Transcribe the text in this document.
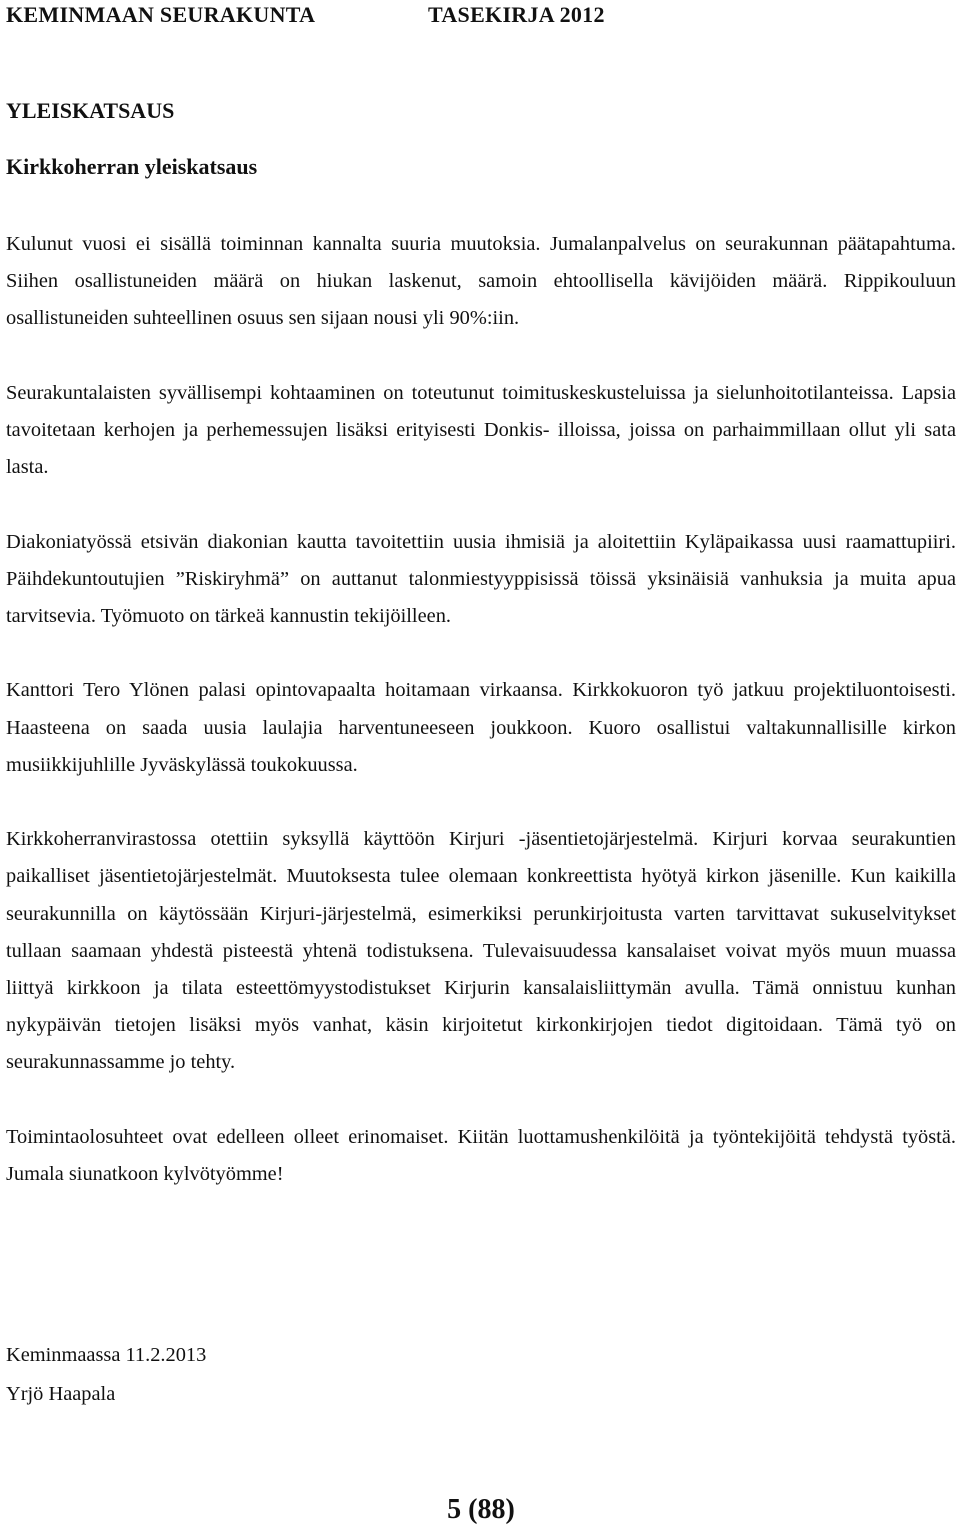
KEMINMAAN SEURAKUNTA	TASEKIRJA 2012
YLEISKATSAUS
Kirkkoherran yleiskatsaus

Kulunut vuosi ei sisällä toiminnan kannalta suuria muutoksia. Jumalanpalvelus on seurakunnan päätapahtuma. Siihen osallistuneiden määrä on hiukan laskenut, samoin ehtoollisella kävijöiden määrä. Rippikouluun osallistuneiden suhteellinen osuus sen sijaan nousi yli 90%:iin.

Seurakuntalaisten syvällisempi kohtaaminen on toteutunut toimituskeskusteluissa ja sielunhoitotilanteissa. Lapsia tavoitetaan kerhojen ja perhemessujen lisäksi erityisesti Donkis- illoissa, joissa on parhaimmillaan ollut yli sata lasta.

Diakoniatyössä etsivän diakonian kautta tavoitettiin uusia ihmisiä ja aloitettiin Kyläpaikassa uusi raamattupiiri. Päihdekuntoutujien ”Riskiryhmä” on auttanut talonmiestyyppisissä töissä yksinäisiä vanhuksia ja muita apua tarvitsevia. Työmuoto on tärkeä kannustin tekijöilleen.

Kanttori Tero Ylönen palasi opintovapaalta hoitamaan virkaansa. Kirkkokuoron työ jatkuu projektiluontoisesti. Haasteena on saada uusia laulajia harventuneeseen joukkoon. Kuoro osallistui valtakunnallisille kirkon musiikkijuhlille Jyväskylässä toukokuussa.

Kirkkoherranvirastossa otettiin syksyllä käyttöön Kirjuri -jäsentietojärjestelmä. Kirjuri korvaa seurakuntien paikalliset jäsentietojärjestelmät. Muutoksesta tulee olemaan konkreettista hyötyä kirkon jäsenille. Kun kaikilla seurakunnilla on käytössään Kirjuri-järjestelmä, esimerkiksi perunkirjoitusta varten tarvittavat sukuselvitykset tullaan saamaan yhdestä pisteestä yhtenä todistuksena. Tulevaisuudessa kansalaiset voivat myös muun muassa liittyä kirkkoon ja tilata esteettömyystodistukset Kirjurin kansalaisliittymän avulla. Tämä onnistuu kunhan nykypäivän tietojen lisäksi myös vanhat, käsin kirjoitetut kirkonkirjojen tiedot digitoidaan. Tämä työ on seurakunnassamme jo tehty.

Toimintaolosuhteet ovat edelleen olleet erinomaiset. Kiitän luottamushenkilöitä ja työntekijöitä tehdystä työstä. Jumala siunatkoon kylvötyömme!

Keminmaassa 11.2.2013
Yrjö Haapala
5 (88)
